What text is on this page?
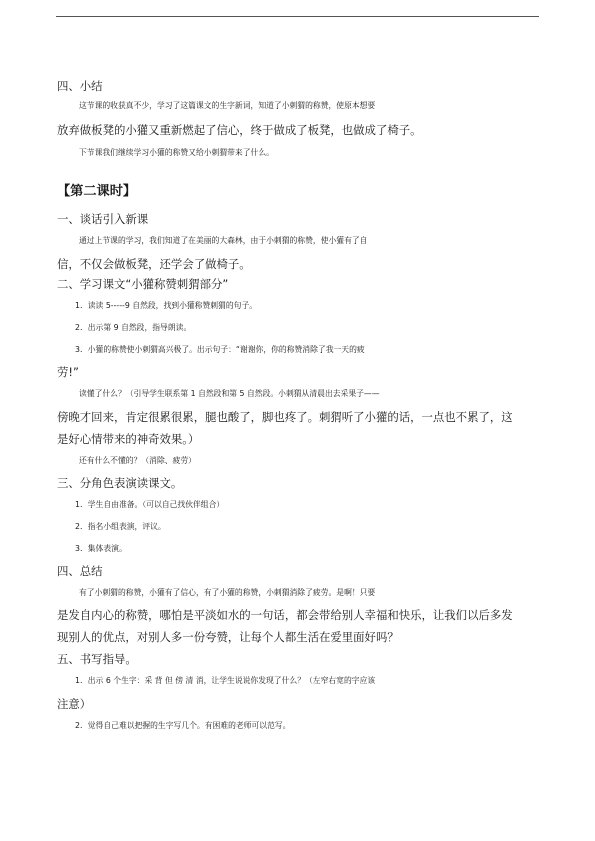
四、小结
这节课的收获真不少，学习了这篇课文的生字新词，知道了小刺猬的称赞，使原本想要
放弃做板凳的小獾又重新燃起了信心，终于做成了板凳，也做成了椅子。
下节课我们继续学习小獾的称赞又给小刺猬带来了什么。
【第二课时】
一、谈话引入新课
通过上节课的学习，我们知道了在美丽的大森林，由于小刺猬的称赞，使小獾有了自
信，不仅会做板凳，还学会了做椅子。
二、学习课文“小獾称赞刺猬部分”
1．读读 5-----9 自然段，找到小獾称赞刺猬的句子。
2．出示第 9 自然段，指导朗读。
3．小獾的称赞使小刺猬高兴极了。出示句子：“谢谢你，你的称赞消除了我一天的疲
劳!”
读懂了什么？（引导学生联系第 1 自然段和第 5 自然段。小刺猬从清晨出去采果子——
傍晚才回来，肯定很累很累，腿也酸了，脚也疼了。刺猬听了小獾的话，一点也不累了，这
是好心情带来的神奇效果。）
还有什么不懂的？（消除、疲劳）
三、分角色表演读课文。
1．学生自由准备。（可以自己找伙伴组合）
2．指名小组表演，评议。
3．集体表演。
四、总结
有了小刺猬的称赞，小獾有了信心，有了小獾的称赞，小刺猬消除了疲劳。是啊！只要
是发自内心的称赞，哪怕是平淡如水的一句话，都会带给别人幸福和快乐，让我们以后多发
现别人的优点，对别人多一份夸赞，让每个人都生活在爱里面好吗？
五、书写指导。
1．出示 6 个生字：采 背 但 傍 清 消，让学生说说你发现了什么？（左窄右宽的字应该
注意）
2．觉得自己难以把握的生字写几个。有困难的老师可以范写。
